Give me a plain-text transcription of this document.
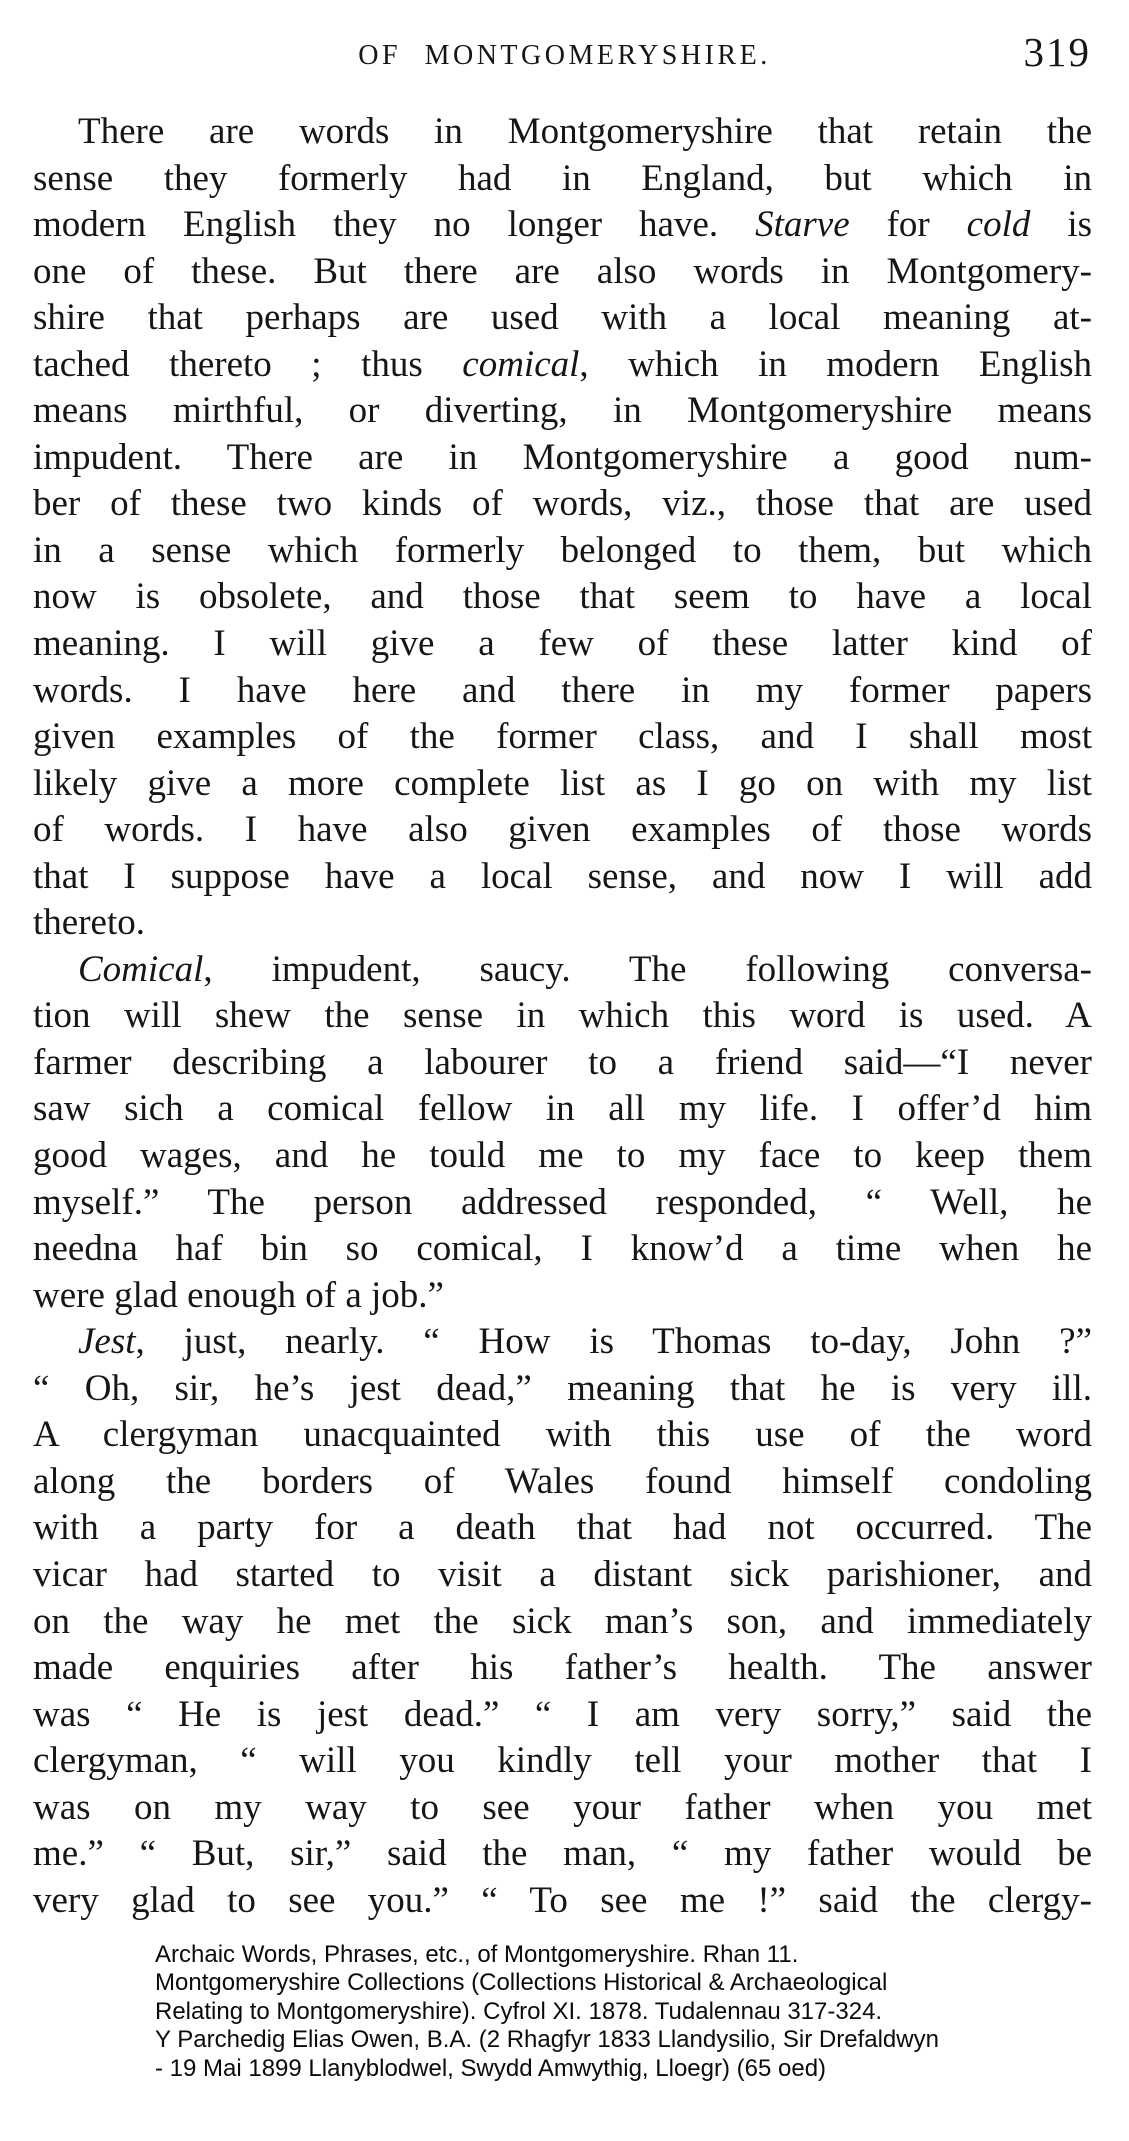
OF MONTGOMERYSHIRE.	319
There are words in Montgomeryshire that retain the
sense they formerly had in England, but which in
modern English they no longer have. Starve for cold is
one of these. But there are also words in Montgomery-
shire that perhaps are used with a local meaning at-
tached thereto ; thus comical, which in modern English
means mirthful, or diverting, in Montgomeryshire means
impudent. There are in Montgomeryshire a good num-
ber of these two kinds of words, viz., those that are used
in a sense which formerly belonged to them, but which
now is obsolete, and those that seem to have a local
meaning. I will give a few of these latter kind of
words. I have here and there in my former papers
given examples of the former class, and I shall most
likely give a more complete list as I go on with my list
of words. I have also given examples of those words
that I suppose have a local sense, and now I will add
thereto.
Comical, impudent, saucy. The following conversa-
tion will shew the sense in which this word is used. A
farmer describing a labourer to a friend said—“I never
saw sich a comical fellow in all my life. I offer’d him
good wages, and he tould me to my face to keep them
myself.” The person addressed responded, “ Well, he
needna haf bin so comical, I know’d a time when he
were glad enough of a job.”
Jest, just, nearly. “ How is Thomas to-day, John ?”
“ Oh, sir, he’s jest dead,” meaning that he is very ill.
A clergyman unacquainted with this use of the word
along the borders of Wales found himself condoling
with a party for a death that had not occurred. The
vicar had started to visit a distant sick parishioner, and
on the way he met the sick man’s son, and immediately
made enquiries after his father’s health. The answer
was “ He is jest dead.” “ I am very sorry,” said the
clergyman, “ will you kindly tell your mother that I
was on my way to see your father when you met
me.” “ But, sir,” said the man, “ my father would be
very glad to see you.” “ To see me !” said the clergy-
Archaic Words, Phrases, etc., of Montgomeryshire. Rhan 11.
Montgomeryshire Collections (Collections Historical & Archaeological
Relating to Montgomeryshire). Cyfrol XI. 1878. Tudalennau 317-324.
Y Parchedig Elias Owen, B.A. (2 Rhagfyr 1833 Llandysilio, Sir Drefaldwyn
- 19 Mai 1899 Llanyblodwel, Swydd Amwythig, Lloegr) (65 oed)
